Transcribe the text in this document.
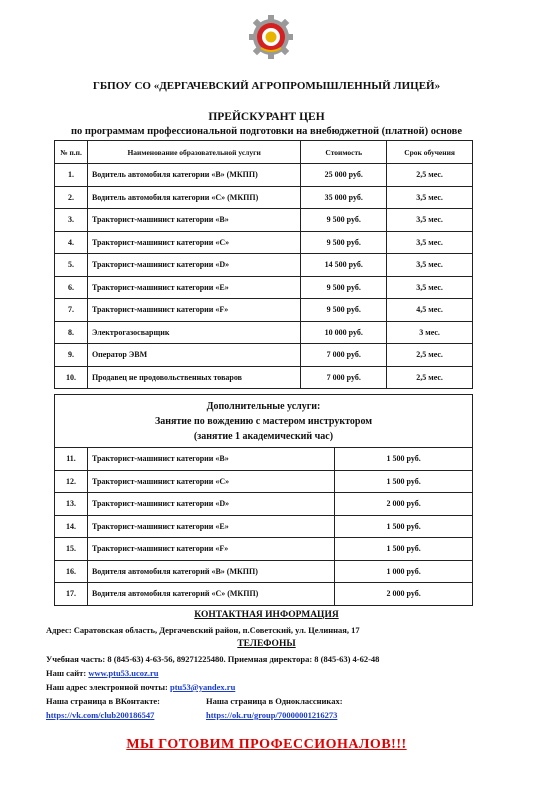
ГБПОУ СО «ДЕРГАЧЕВСКИЙ АГРОПРОМЫШЛЕННЫЙ ЛИЦЕЙ»
ПРЕЙСКУРАНТ ЦЕН
по программам профессиональной подготовки на внебюджетной (платной) основе
№ п.п.	Наименование образовательной услуги	Стоимость	Срок обучения
1.	Водитель автомобиля категории «В» (МКПП)	25 000 руб.	2,5 мес.
2.	Водитель автомобиля категории «С» (МКПП)	35 000 руб.	3,5 мес.
3.	Тракторист-машинист категории «В»	9 500 руб.	3,5 мес.
4.	Тракторист-машинист категории «С»	9 500 руб.	3,5 мес.
5.	Тракторист-машинист категории «D»	14 500 руб.	3,5 мес.
6.	Тракторист-машинист категории «Е»	9 500 руб.	3,5 мес.
7.	Тракторист-машинист категории «F»	9 500 руб.	4,5 мес.
8.	Электрогазосварщик	10 000 руб.	3 мес.
9.	Оператор ЭВМ	7 000 руб.	2,5 мес.
10.	Продавец не продовольственных товаров	7 000 руб.	2,5 мес.
Дополнительные услуги:
Занятие по вождению с мастером инструктором
(занятие 1 академический час)		

11.	Тракторист-машинист категории «В»	1 500 руб.
12.	Тракторист-машинист категории «С»	1 500 руб.
13.	Тракторист-машинист категории «D»	2 000 руб.
14.	Тракторист-машинист категории «Е»	1 500 руб.
15.	Тракторист-машинист категории «F»	1 500 руб.
16.	Водителя автомобиля категорий «В» (МКПП)	1 000 руб.
17.	Водителя автомобиля категорий «С» (МКПП)	2 000 руб.
КОНТАКТНАЯ ИНФОРМАЦИЯ
Адрес: Саратовская область, Дергачевский район, п.Советский, ул. Целинная, 17
ТЕЛЕФОНЫ
Учебная часть: 8 (845-63) 4-63-56, 89271225480. Приемная директора: 8 (845-63) 4-62-48
Наш сайт: www.ptu53.ucoz.ru
Наш адрес электронной почты: ptu53@yandex.ru
Наша страница в ВКонтакте:	Наша страница в Одноклассниках:
https://vk.com/club200186547	https://ok.ru/group/70000001216273
МЫ ГОТОВИМ ПРОФЕССИОНАЛОВ!!!
